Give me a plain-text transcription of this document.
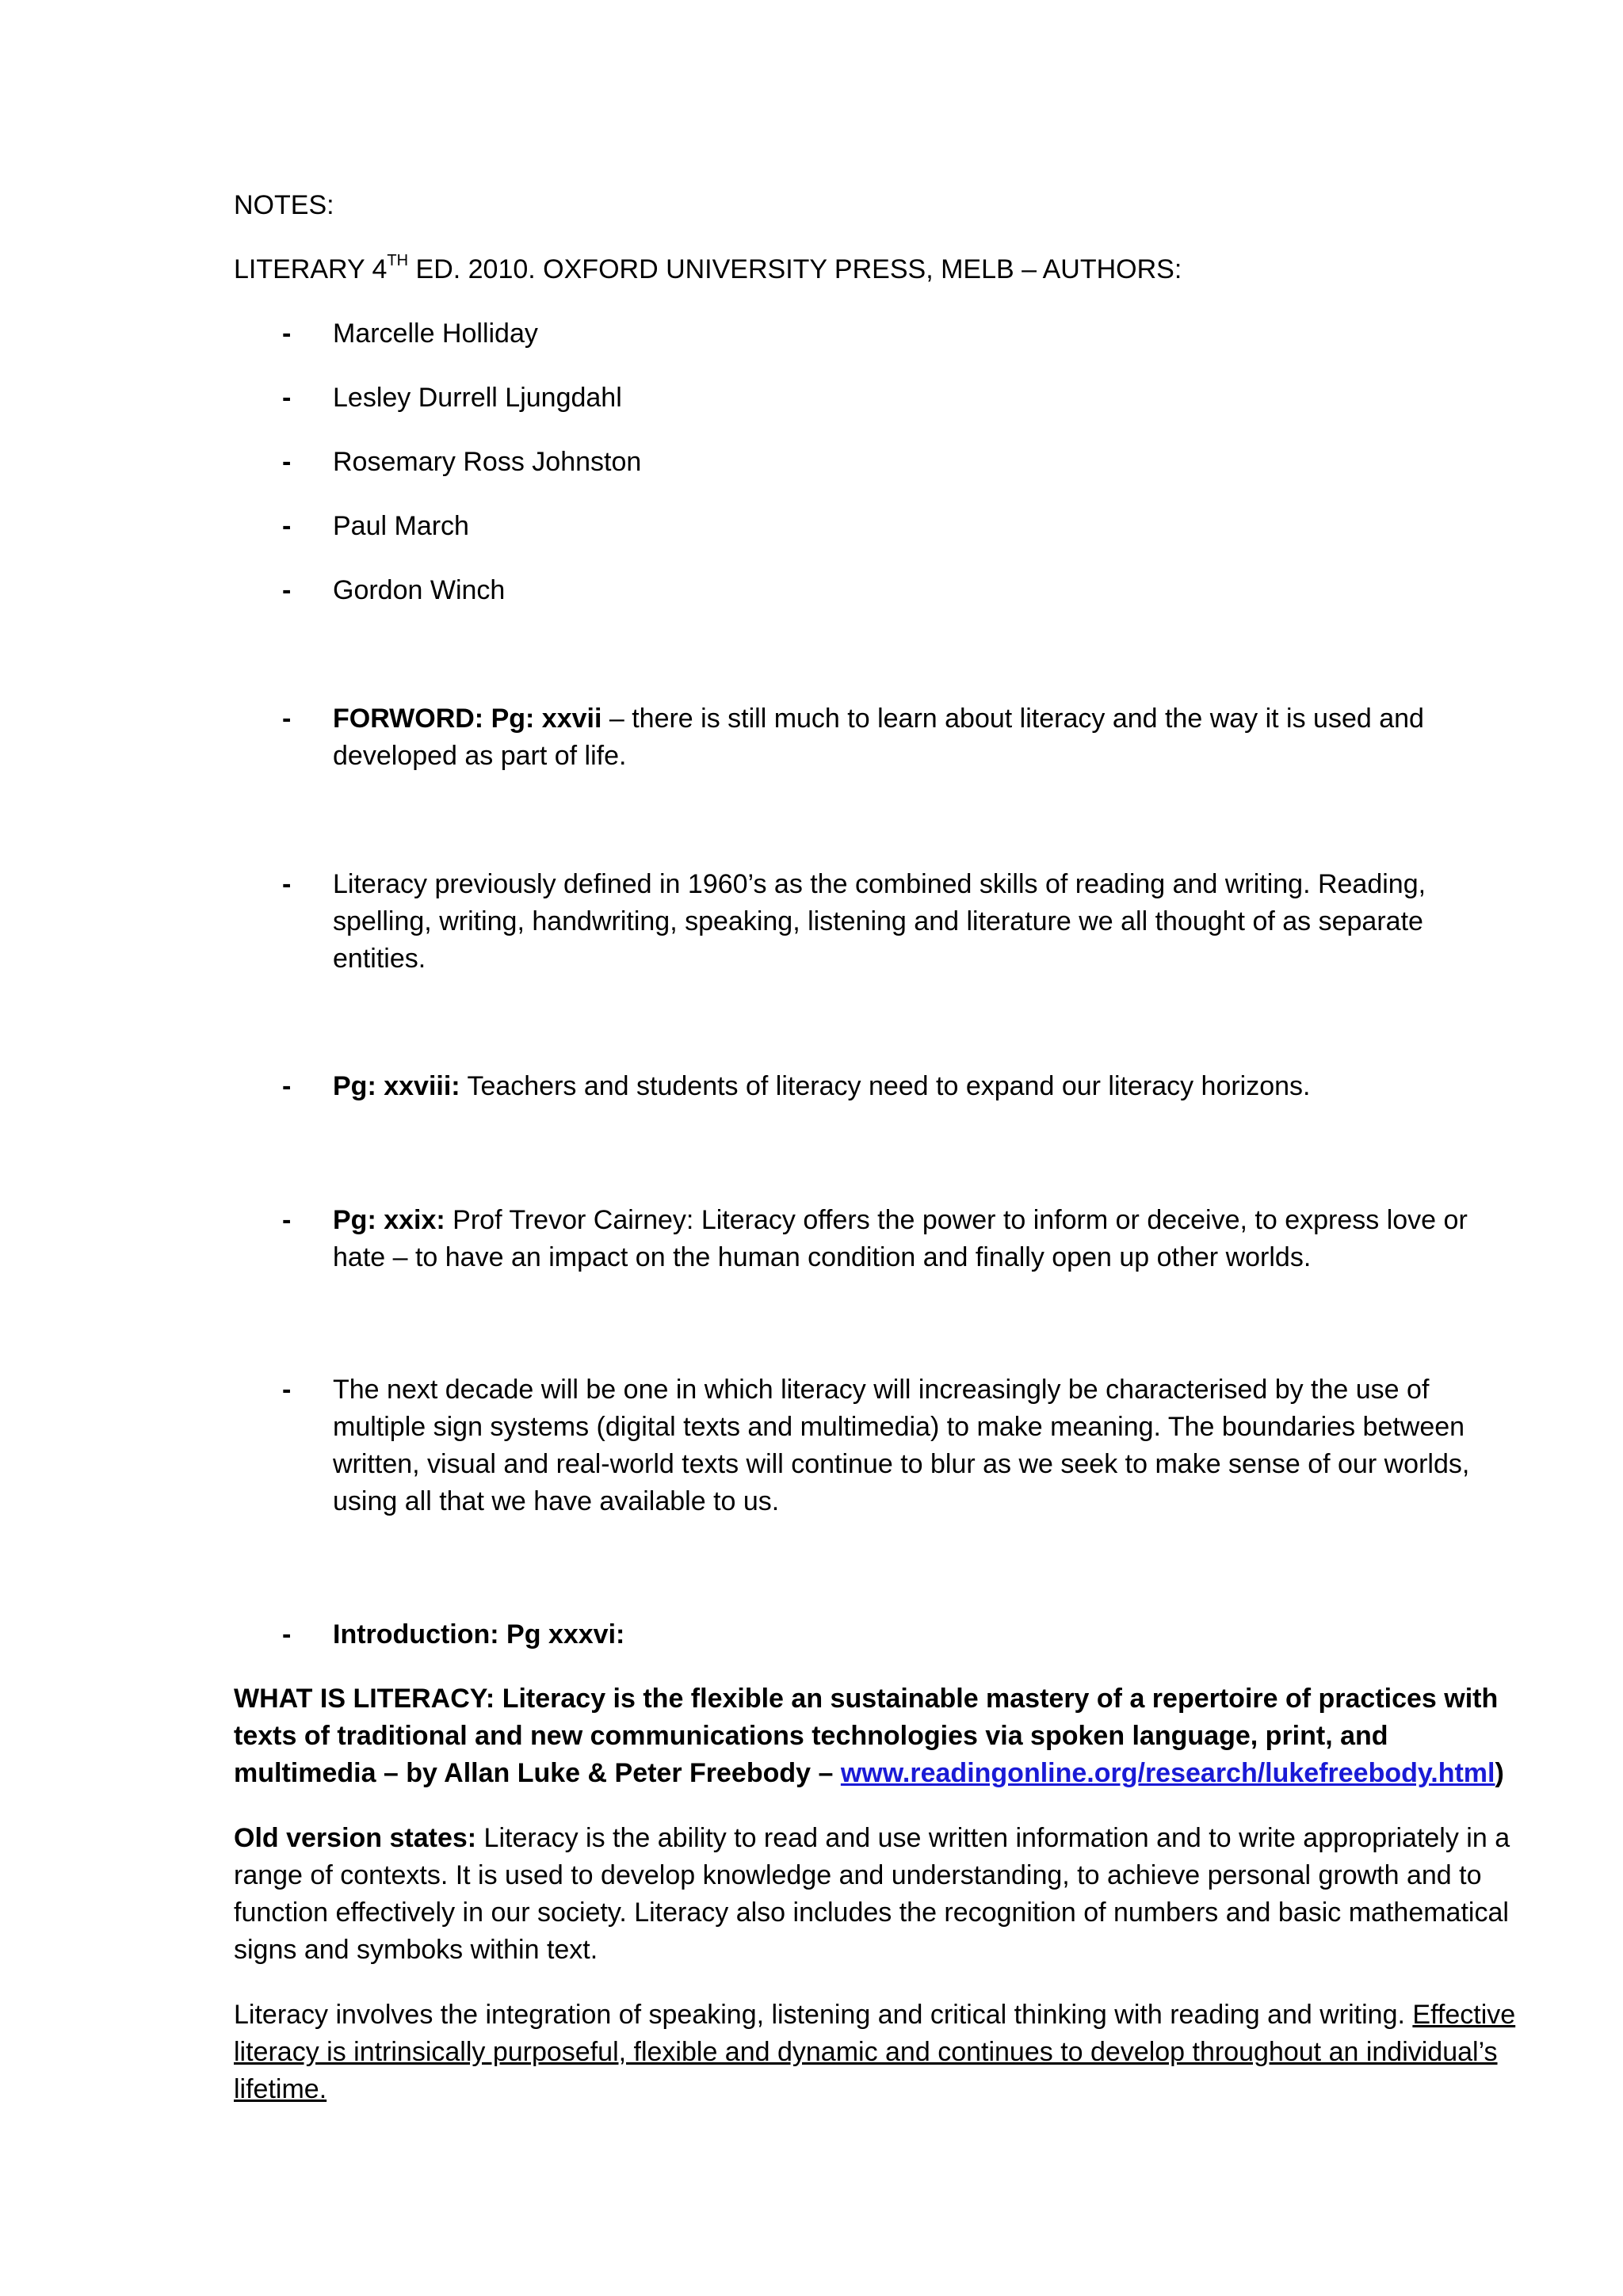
NOTES:
LITERARY 4TH ED. 2010. OXFORD UNIVERSITY PRESS, MELB – AUTHORS:
-	Marcelle Holliday
-	Lesley Durrell Ljungdahl
-	Rosemary Ross Johnston
-	Paul March
-	Gordon Winch
-	FORWORD: Pg: xxvii – there is still much to learn about literacy and the way it is used and developed as part of life.
-	Literacy previously defined in 1960’s as the combined skills of reading and writing. Reading, spelling, writing, handwriting, speaking, listening and literature we all thought of as separate entities.
-	Pg: xxviii: Teachers and students of literacy need to expand our literacy horizons.
-	Pg: xxix: Prof Trevor Cairney: Literacy offers the power to inform or deceive, to express love or hate – to have an impact on the human condition and finally open up other worlds.
-	The next decade will be one in which literacy will increasingly be characterised by the use of multiple sign systems (digital texts and multimedia) to make meaning. The boundaries between written, visual and real-world texts will continue to blur as we seek to make sense of our worlds, using all that we have available to us.
-	Introduction: Pg xxxvi:
WHAT IS LITERACY: Literacy is the flexible an sustainable mastery of a repertoire of practices with texts of traditional and new communications technologies via spoken language, print, and multimedia – by Allan Luke & Peter Freebody – www.readingonline.org/research/lukefreebody.html)
Old version states: Literacy is the ability to read and use written information and to write appropriately in a range of contexts. It is used to develop knowledge and understanding, to achieve personal growth and to function effectively in our society. Literacy also includes the recognition of numbers and basic mathematical signs and symboks within text.
Literacy involves the integration of speaking, listening and critical thinking with reading and writing. Effective literacy is intrinsically purposeful, flexible and dynamic and continues to develop throughout an individual’s lifetime.
